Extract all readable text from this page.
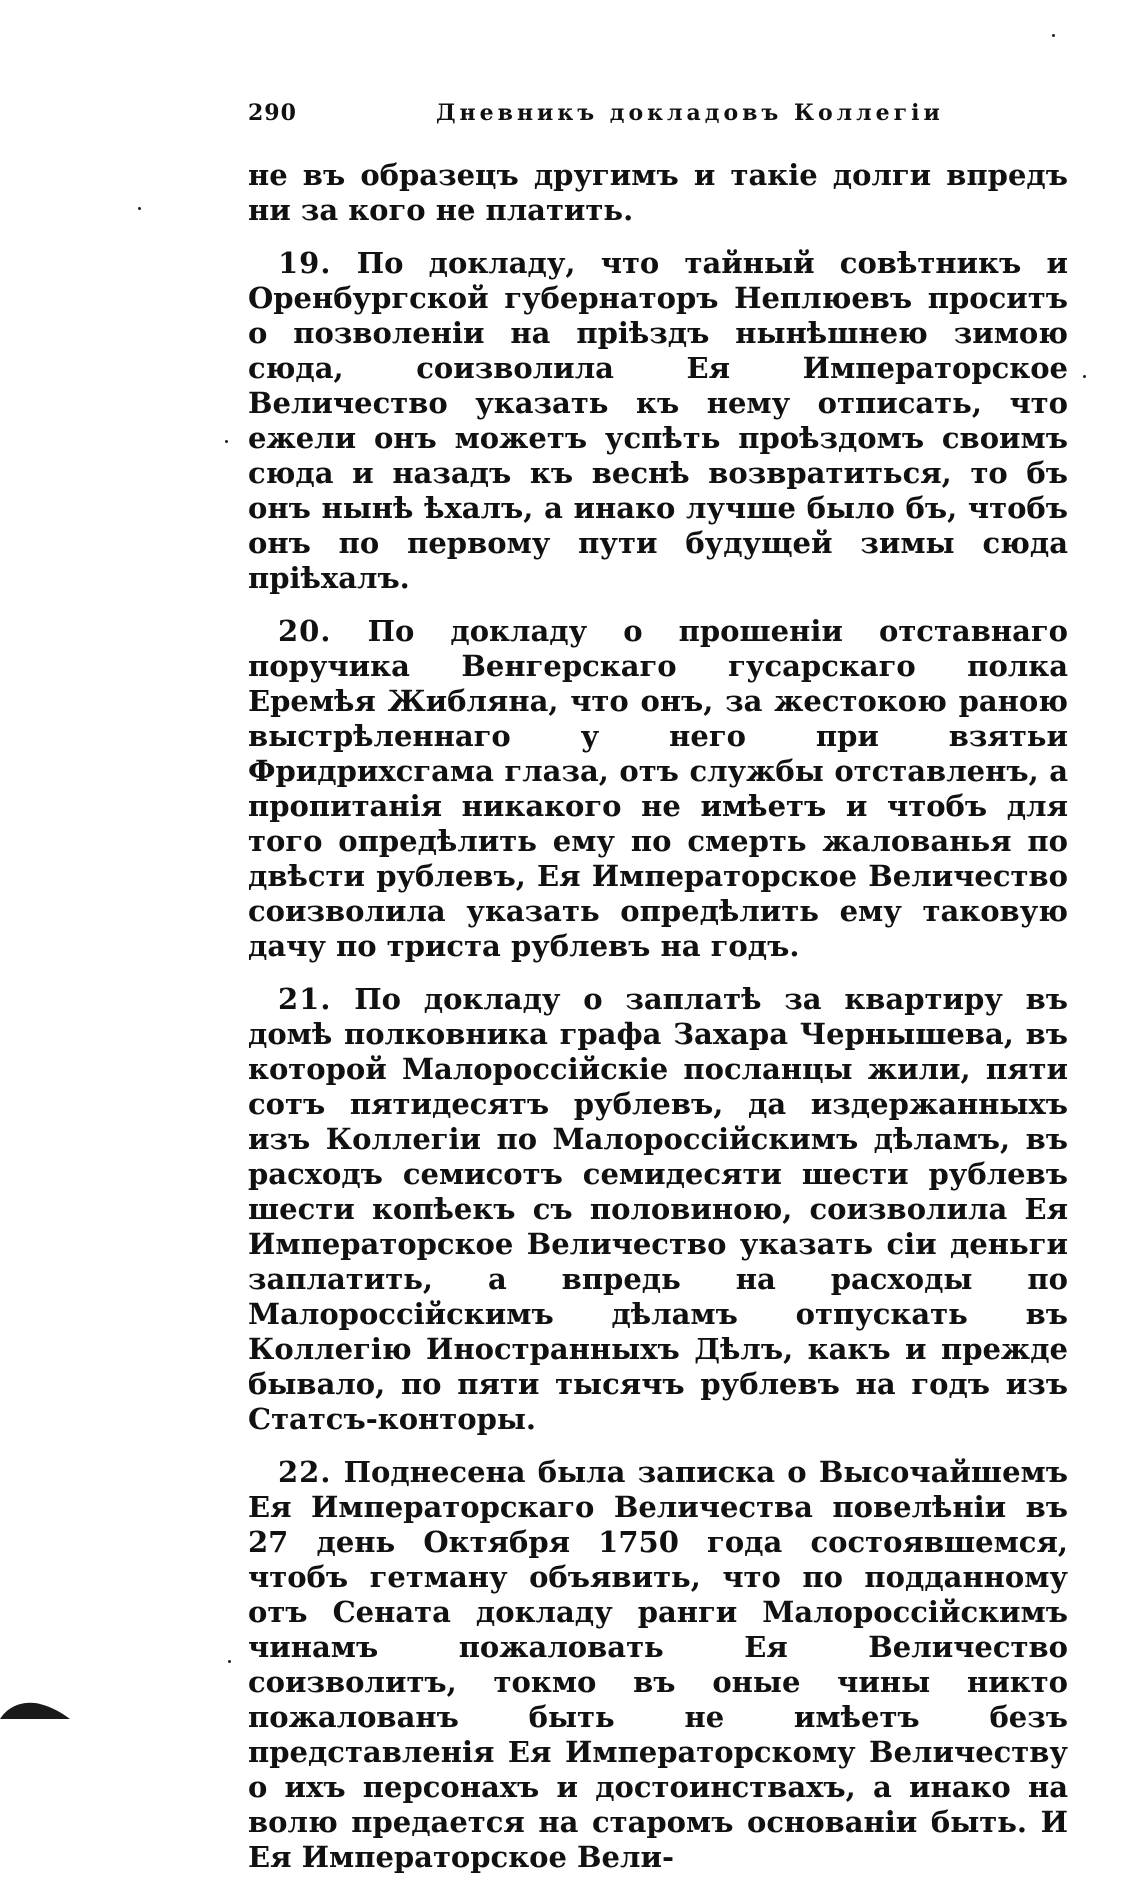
290	Дневникъ докладовъ Коллегіи

не въ образецъ другимъ и такіе долги впредъ ни за кого не платить.

19. По докладу, что тайный совѣтникъ и Оренбургской губернаторъ Неплюевъ проситъ о позволеніи на пріѣздъ нынѣшнею зимою сюда, соизволила Ея Императорское Величество указать къ нему отписать, что ежели онъ можетъ успѣть проѣздомъ своимъ сюда и назадъ къ веснѣ возвратиться, то бъ онъ нынѣ ѣхалъ, а инако лучше было бъ, чтобъ онъ по первому пути будущей зимы сюда пріѣхалъ.

20. По докладу о прошеніи отставнаго поручика Венгерскаго гусарскаго полка Еремѣя Жибляна, что онъ, за жестокою раною выстрѣленнаго у него при взятьи Фридрихсгама глаза, отъ службы отставленъ, а пропитанія никакого не имѣетъ и чтобъ для того опредѣлить ему по смерть жалованья по двѣсти рублевъ, Ея Императорское Величество соизволила указать опредѣлить ему таковую дачу по триста рублевъ на годъ.

21. По докладу о заплатѣ за квартиру въ домѣ полковника графа Захара Чернышева, въ которой Малороссійскіе посланцы жили, пяти сотъ пятидесятъ рублевъ, да издержанныхъ изъ Коллегіи по Малороссійскимъ дѣламъ, въ расходъ семисотъ семидесяти шести рублевъ шести копѣекъ съ половиною, соизволила Ея Императорское Величество указать сіи деньги заплатить, а впредь на расходы по Малороссійскимъ дѣламъ отпускать въ Коллегію Иностранныхъ Дѣлъ, какъ и прежде бывало, по пяти тысячъ рублевъ на годъ изъ Статсъ-конторы.

22. Поднесена была записка о Высочайшемъ Ея Императорскаго Величества повелѣніи въ 27 день Октября 1750 года состоявшемся, чтобъ гетману объявить, что по подданному отъ Сената докладу ранги Малороссійскимъ чинамъ пожаловать Ея Величество соизволитъ, токмо въ оные чины никто пожалованъ быть не имѣетъ безъ представленія Ея Императорскому Величеству о ихъ персонахъ и достоинствахъ, а инако на волю предается на старомъ основаніи быть. И Ея Императорское Вели-
